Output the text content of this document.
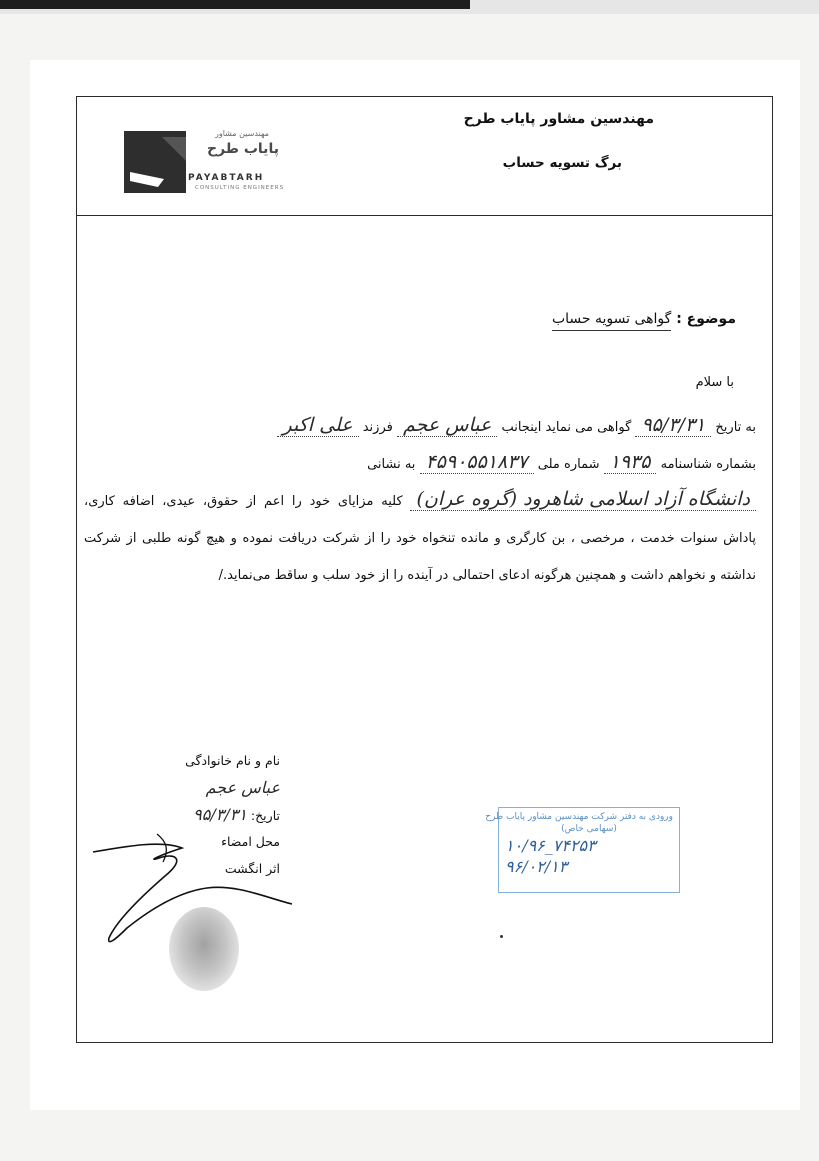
مهندسین مشاور پایاب طرح
برگ تسویه حساب
مهندسین مشاور
پایاب طرح
PAYABTARH
CONSULTING ENGINEERS
موضوع : گواهی تسویه حساب
با سلام
به تاریخ ۹۵/۳/۳۱ گواهی می نماید اینجانب عباس عجم فرزند علی اکبر
بشماره شناسنامه ۱۹۳۵ شماره ملی ۴۵۹۰۵۵۱۸۳۷ به نشانی
دانشگاه آزاد اسلامی شاهرود (گروه عران) کلیه مزایای خود را اعم از حقوق، عیدی، اضافه کاری، پاداش سنوات خدمت ، مرخصی ، بن کارگری و مانده تنخواه خود را از شرکت دریافت نموده و هیچ گونه طلبی از شرکت نداشته و نخواهم داشت و همچنین هرگونه ادعای احتمالی در آینده را از خود سلب و ساقط می‌نماید./
نام و نام خانوادگی
عباس عجم
تاریخ: ۹۵/۳/۳۱
محل امضاء
اثر انگشت
ورودی به دفتر شرکت مهندسین مشاور پایاب طرح
(سهامی خاص)
۱۰/۹۶_۷۴۲۵۳
۹۶/۰۲/۱۳
